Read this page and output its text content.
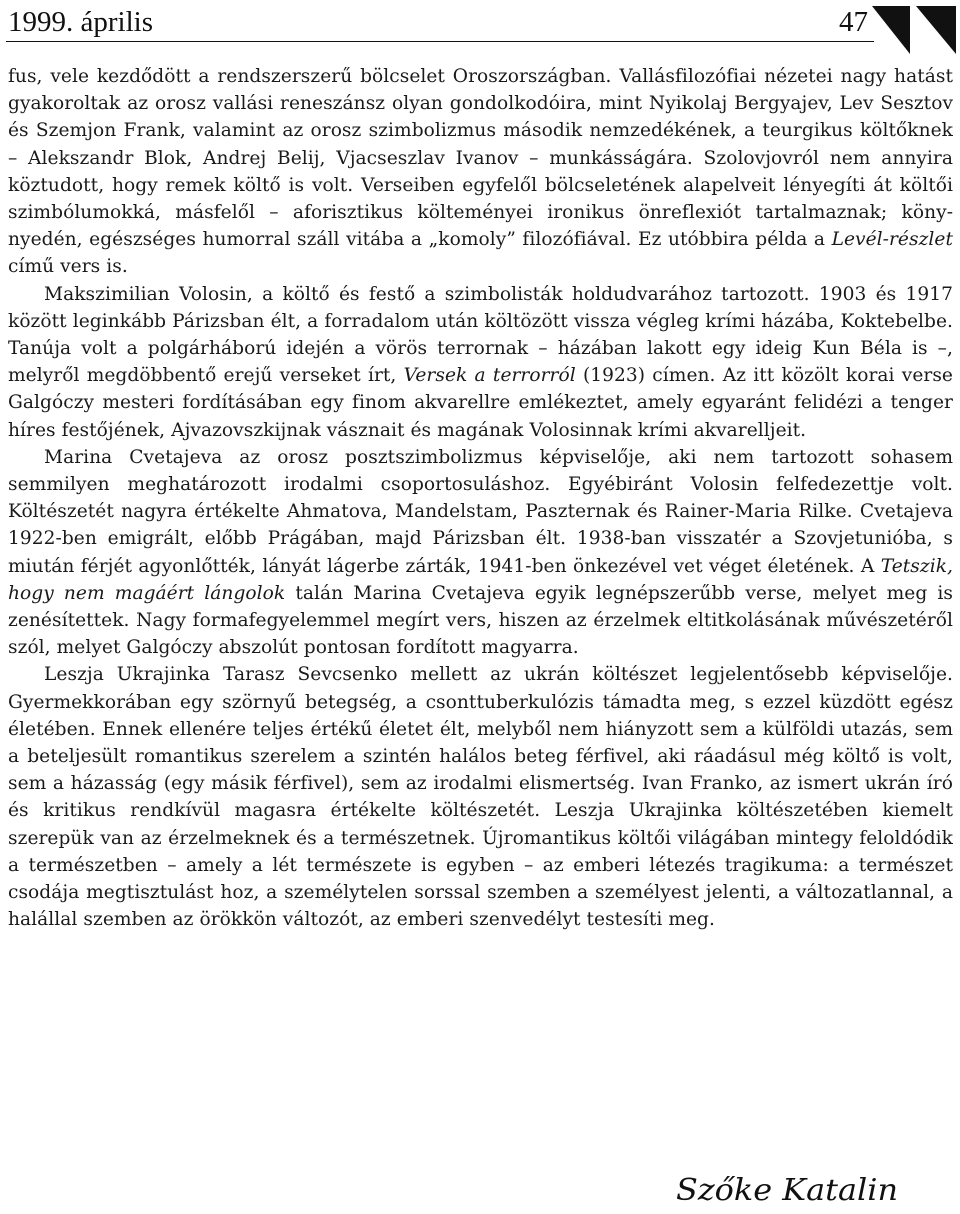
1999. április	47

fus, vele kezdődött a rendszerszerű bölcselet Oroszországban. Vallásfilozófiai nézetei nagy hatást gyakoroltak az orosz vallási reneszánsz olyan gondolkodóira, mint Nyikolaj Bergyajev, Lev Sesztov és Szemjon Frank, valamint az orosz szimbolizmus második nemzedékének, a teurgikus költőknek – Alekszandr Blok, Andrej Belij, Vjacseszlav Ivanov – munkásságára. Szolovjovról nem annyira köztudott, hogy remek költő is volt. Verseiben egyfelől bölcseletének alapelveit lényegíti át költői szimbólumokká, másfelől – aforisztikus költeményei ironikus önreflexiót tartalmaznak; könynyedén, egészséges humorral száll vitába a „komoly” filozófiával. Ez utóbbira példa a Levél-részlet című vers is.

Makszimilian Volosin, a költő és festő a szimbolisták holdudvarához tartozott. 1903 és 1917 között leginkább Párizsban élt, a forradalom után költözött vissza végleg krími házába, Koktebelbe. Tanúja volt a polgárháború idején a vörös terrornak – házában lakott egy ideig Kun Béla is –, melyről megdöbbentő erejű verseket írt, Versek a terrorról (1923) címen. Az itt közölt korai verse Galgóczy mesteri fordításában egy finom akvarellre emlékeztet, amely egyaránt felidézi a tenger híres festőjének, Ajvazovszkijnak vásznait és magának Volosinnak krími akvarelljeit.

Marina Cvetajeva az orosz posztszimbolizmus képviselője, aki nem tartozott sohasem semmilyen meghatározott irodalmi csoportosuláshoz. Egyébiránt Volosin felfedezettje volt. Költészetét nagyra értékelte Ahmatova, Mandelstam, Paszternak és Rainer-Maria Rilke. Cvetajeva 1922-ben emigrált, előbb Prágában, majd Párizsban élt. 1938-ban visszatér a Szovjetunióba, s miután férjét agyonlőtték, lányát lágerbe zárták, 1941-ben önkezével vet véget életének. A Tetszik, hogy nem magáért lángolok talán Marina Cvetajeva egyik legnépszerűbb verse, melyet meg is zenésítettek. Nagy formafegyelemmel megírt vers, hiszen az érzelmek eltitkolásának művészetéről szól, melyet Galgóczy abszolút pontosan fordított magyarra.

Leszja Ukrajinka Tarasz Sevcsenko mellett az ukrán költészet legjelentősebb képviselője. Gyermekkorában egy szörnyű betegség, a csonttuberkulózis támadta meg, s ezzel küzdött egész életében. Ennek ellenére teljes értékű életet élt, melyből nem hiányzott sem a külföldi utazás, sem a beteljesült romantikus szerelem a szintén halálos beteg férfivel, aki ráadásul még költő is volt, sem a házasság (egy másik férfivel), sem az irodalmi elismertség. Ivan Franko, az ismert ukrán író és kritikus rendkívül magasra értékelte költészetét. Leszja Ukrajinka költészetében kiemelt szerepük van az érzelmeknek és a természetnek. Újromantikus költői világában mintegy feloldódik a természetben – amely a lét természete is egyben – az emberi létezés tragikuma: a természet csodája megtisztulást hoz, a személytelen sorssal szemben a személyest jelenti, a változatlannal, a halállal szemben az örökkön változót, az emberi szenvedélyt testesíti meg.

Szőke Katalin
